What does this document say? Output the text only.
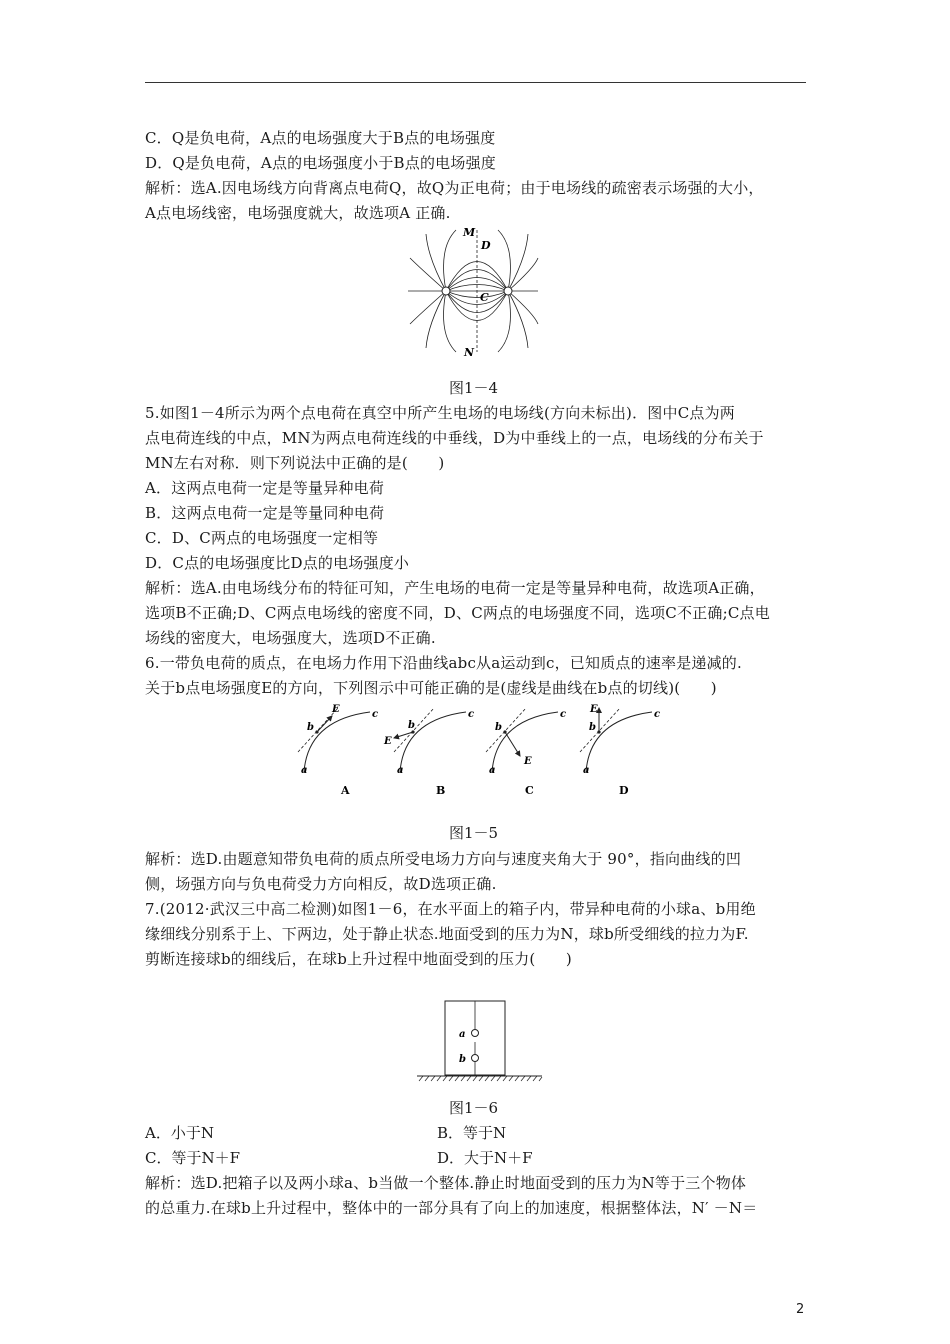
C．Q是负电荷，A点的电场强度大于B点的电场强度
D．Q是负电荷，A点的电场强度小于B点的电场强度
解析：选A.因电场线方向背离点电荷Q，故Q为正电荷；由于电场线的疏密表示场强的大小，
A点电场线密，电场强度就大，故选项A 正确.
M
D
C
N
图1－4
5.如图1－4所示为两个点电荷在真空中所产生电场的电场线(方向未标出)．图中C点为两
点电荷连线的中点，MN为两点电荷连线的中垂线，D为中垂线上的一点，电场线的分布关于
MN左右对称．则下列说法中正确的是(　　)
A．这两点电荷一定是等量异种电荷
B．这两点电荷一定是等量同种电荷
C．D、C两点的电场强度一定相等
D．C点的电场强度比D点的电场强度小
解析：选A.由电场线分布的特征可知，产生电场的电荷一定是等量异种电荷，故选项A正确，
选项B不正确;D、C两点电场线的密度不同，D、C两点的电场强度不同，选项C不正确;C点电
场线的密度大，电场强度大，选项D不正确.
6.一带负电荷的质点，在电场力作用下沿曲线abc从a运动到c，已知质点的速率是递减的.
关于b点电场强度E的方向，下列图示中可能正确的是(虚线是曲线在b点的切线)(　　)
a
b
c
E
a
b
c
E
a
b
c
E
a
b
c
E
A	B	C	D
图1－5
解析：选D.由题意知带负电荷的质点所受电场力方向与速度夹角大于 90°，指向曲线的凹
侧，场强方向与负电荷受力方向相反，故D选项正确.
7.(2012·武汉三中高二检测)如图1－6，在水平面上的箱子内，带异种电荷的小球a、b用绝
缘细线分别系于上、下两边，处于静止状态.地面受到的压力为N，球b所受细线的拉力为F.
剪断连接球b的细线后，在球b上升过程中地面受到的压力(　　)
a
b
图1－6
A．小于N	B．等于N
C．等于N＋F	D．大于N＋F
解析：选D.把箱子以及两小球a、b当做一个整体.静止时地面受到的压力为N等于三个物体
的总重力.在球b上升过程中，整体中的一部分具有了向上的加速度，根据整体法，N′ －N＝
2
